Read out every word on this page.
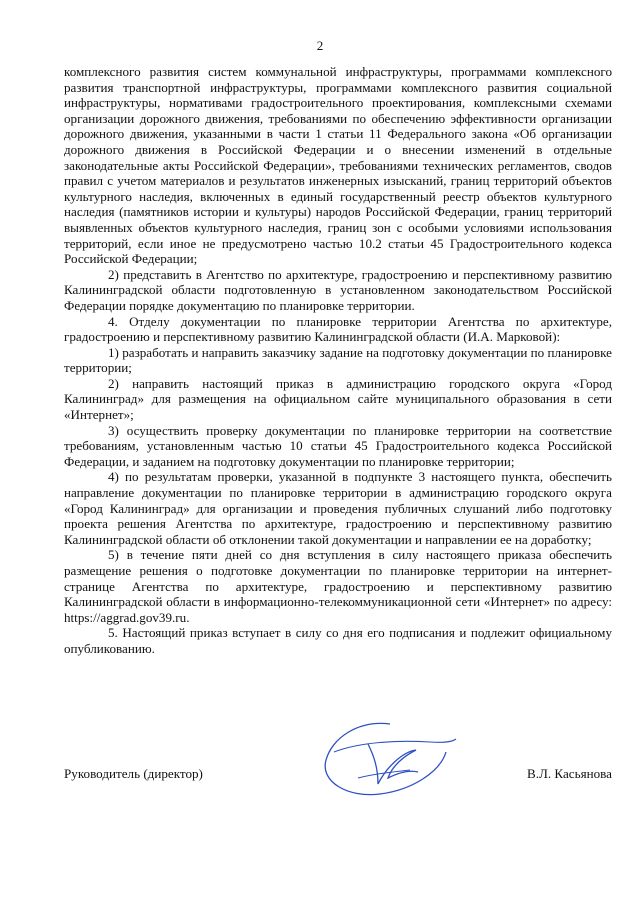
2

комплексного развития систем коммунальной инфраструктуры, программами комплексного развития транспортной инфраструктуры, программами комплексного развития социальной инфраструктуры, нормативами градостроительного проектирования, комплексными схемами организации дорожного движения, требованиями по обеспечению эффективности организации дорожного движения, указанными в части 1 статьи 11 Федерального закона «Об организации дорожного движения в Российской Федерации и о внесении изменений в отдельные законодательные акты Российской Федерации», требованиями технических регламентов, сводов правил с учетом материалов и результатов инженерных изысканий, границ территорий объектов культурного наследия, включенных в единый государственный реестр объектов культурного наследия (памятников истории и культуры) народов Российской Федерации, границ территорий выявленных объектов культурного наследия, границ зон с особыми условиями использования территорий, если иное не предусмотрено частью 10.2 статьи 45 Градостроительного кодекса Российской Федерации;

2) представить в Агентство по архитектуре, градостроению и перспективному развитию Калининградской области подготовленную в установленном законодательством Российской Федерации порядке документацию по планировке территории.

4. Отделу документации по планировке территории Агентства по архитектуре, градостроению и перспективному развитию Калининградской области (И.А. Марковой):

1) разработать и направить заказчику задание на подготовку документации по планировке территории;

2) направить настоящий приказ в администрацию городского округа «Город Калининград» для размещения на официальном сайте муниципального образования в сети «Интернет»;

3) осуществить проверку документации по планировке территории на соответствие требованиям, установленным частью 10 статьи 45 Градостроительного кодекса Российской Федерации, и заданием на подготовку документации по планировке территории;

4) по результатам проверки, указанной в подпункте 3 настоящего пункта, обеспечить направление документации по планировке территории в администрацию городского округа «Город Калининград» для организации и проведения публичных слушаний либо подготовку проекта решения Агентства по архитектуре, градостроению и перспективному развитию Калининградской области об отклонении такой документации и направлении ее на доработку;

5) в течение пяти дней со дня вступления в силу настоящего приказа обеспечить размещение решения о подготовке документации по планировке территории на интернет-странице Агентства по архитектуре, градостроению и перспективному развитию Калининградской области в информационно-телекоммуникационной сети «Интернет» по адресу: https://aggrad.gov39.ru.

5. Настоящий приказ вступает в силу со дня его подписания и подлежит официальному опубликованию.

Руководитель (директор)	В.Л. Касьянова
